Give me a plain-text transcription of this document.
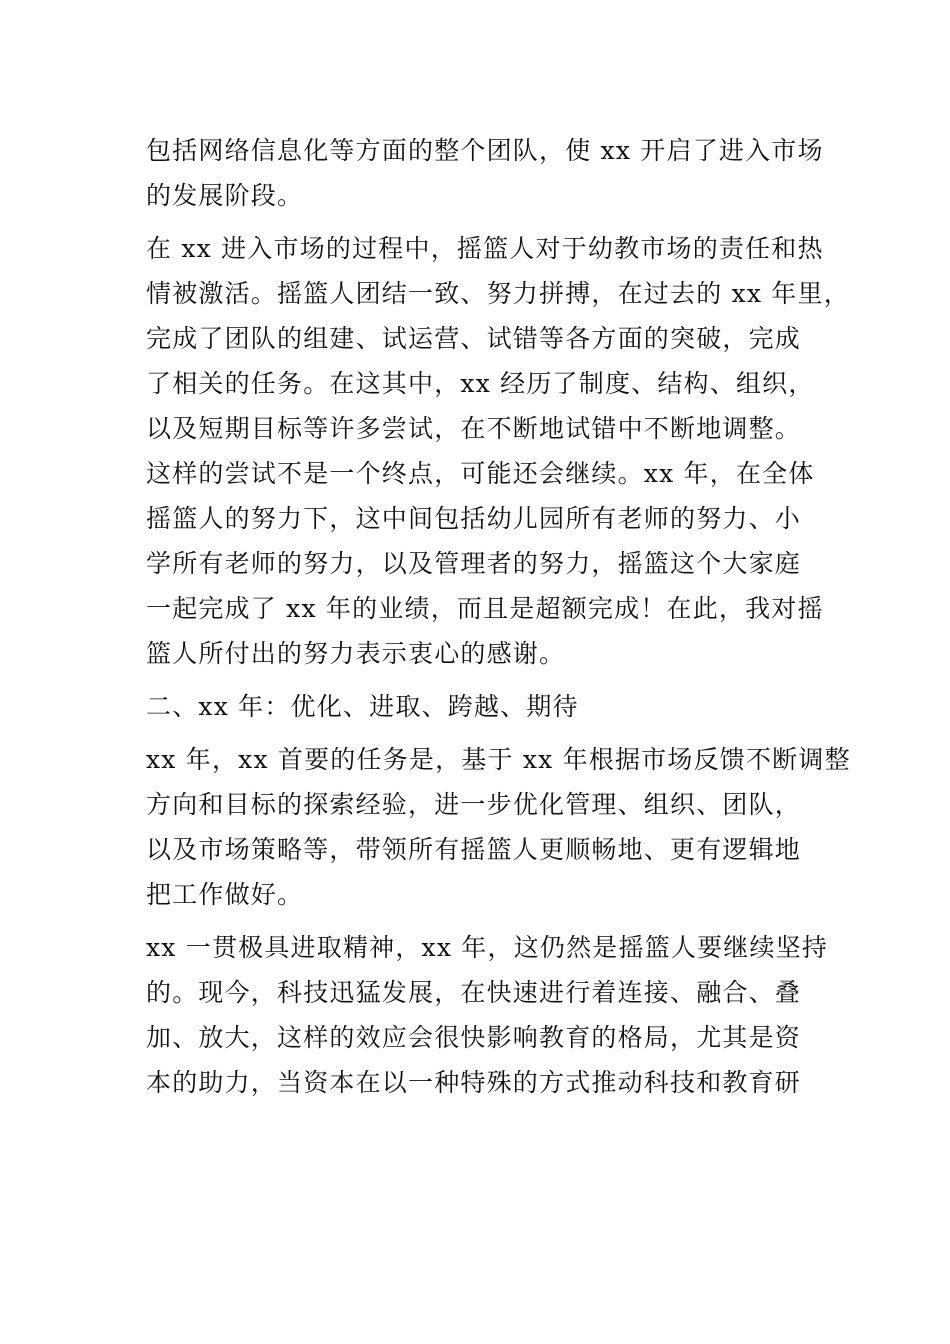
包括网络信息化等方面的整个团队，使 xx 开启了进入市场
的发展阶段。
在 xx 进入市场的过程中，摇篮人对于幼教市场的责任和热
情被激活。摇篮人团结一致、努力拼搏，在过去的 xx 年里，
完成了团队的组建、试运营、试错等各方面的突破，完成
了相关的任务。在这其中，xx 经历了制度、结构、组织，
以及短期目标等许多尝试，在不断地试错中不断地调整。
这样的尝试不是一个终点，可能还会继续。xx 年，在全体
摇篮人的努力下，这中间包括幼儿园所有老师的努力、小
学所有老师的努力，以及管理者的努力，摇篮这个大家庭
一起完成了 xx 年的业绩，而且是超额完成！在此，我对摇
篮人所付出的努力表示衷心的感谢。
二、xx 年：优化、进取、跨越、期待
xx 年，xx 首要的任务是，基于 xx 年根据市场反馈不断调整
方向和目标的探索经验，进一步优化管理、组织、团队，
以及市场策略等，带领所有摇篮人更顺畅地、更有逻辑地
把工作做好。
xx 一贯极具进取精神，xx 年，这仍然是摇篮人要继续坚持
的。现今，科技迅猛发展，在快速进行着连接、融合、叠
加、放大，这样的效应会很快影响教育的格局，尤其是资
本的助力，当资本在以一种特殊的方式推动科技和教育研
